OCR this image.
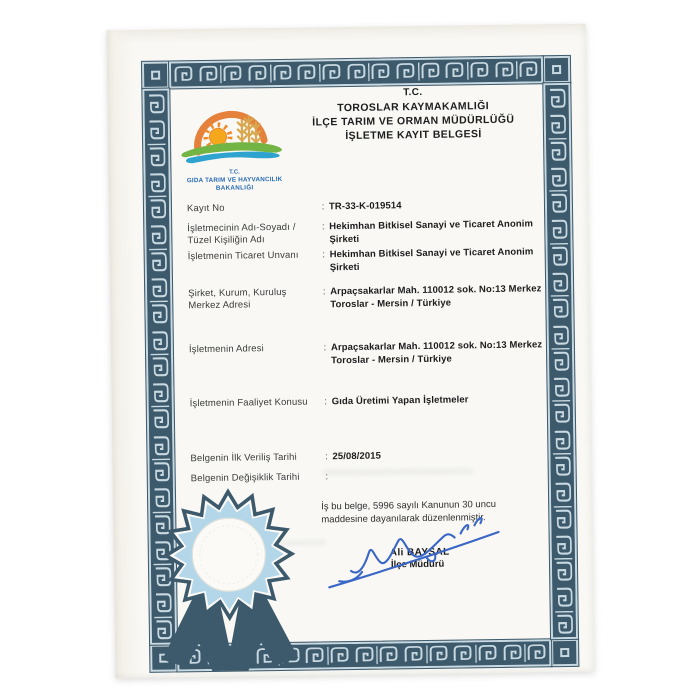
T.C.
TOROSLAR KAYMAKAMLIĞI
İLÇE TARIM VE ORMAN MÜDÜRLÜĞÜ
İŞLETME KAYIT BELGESİ
T.C.
GIDA TARIM VE HAYVANCILIK
BAKANLIĞI
Kayıt No	: TR-33-K-019514
İşletmecinin Adı-Soyadı / Tüzel Kişiliğin Adı
: Hekimhan Bitkisel Sanayi ve Ticaret Anonim Şirketi
İşletmenin Ticaret Unvanı	: Hekimhan Bitkisel Sanayi ve Ticaret Anonim Şirketi
Şirket, Kurum, Kuruluş Merkez Adresi
: Arpaçsakarlar Mah. 110012 sok. No:13 Merkez Toroslar - Mersin / Türkiye
İşletmenin Adresi	: Arpaçsakarlar Mah. 110012 sok. No:13 Merkez Toroslar - Mersin / Türkiye
İşletmenin Faaliyet Konusu	: Gıda Üretimi Yapan İşletmeler
Belgenin İlk Veriliş Tarihi	: 25/08/2015
Belgenin Değişiklik Tarihi	:
İş bu belge, 5996 sayılı Kanunun 30 uncu maddesine dayanılarak düzenlenmiştir.
Ali BAYSAL
İlçe Müdürü
